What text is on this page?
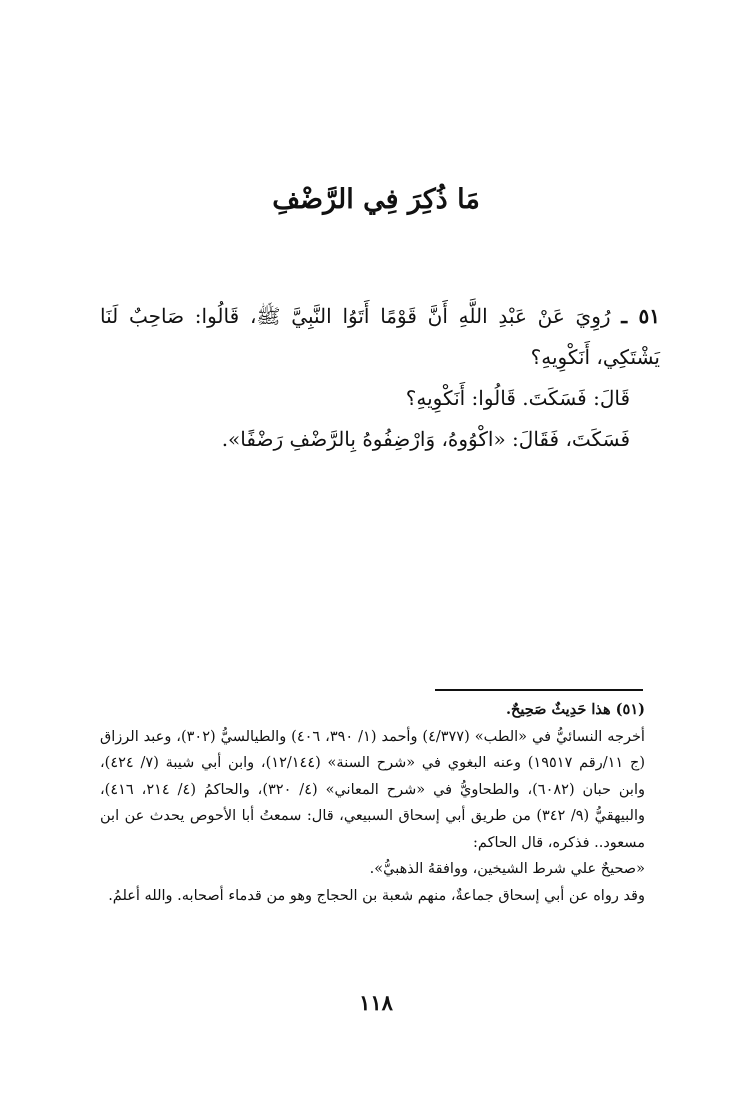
مَا ذُكِرَ فِي الرَّضْفِ

٥١ ـ رُوِيَ عَنْ عَبْدِ اللَّهِ أَنَّ قَوْمًا أَتَوُا النَّبِيَّ ﷺ، قَالُوا: صَاحِبٌ لَنَا يَشْتَكِي، أَنَكْوِيهِ؟

قَالَ: فَسَكَتَ. قَالُوا: أَنَكْوِيهِ؟

فَسَكَتَ، فَقَالَ: «اكْوُوهُ، وَارْضِفُوهُ بِالرَّضْفِ رَضْفًا».

(٥١) هذا حَدِيثٌ صَحِيحٌ.

أخرجه النسائيُّ في «الطب» (٤/٣٧٧) وأحمد (١/ ٣٩٠، ٤٠٦) والطيالسيُّ (٣٠٢)، وعبد الرزاق (ج ١١/رقم ١٩٥١٧) وعنه البغوي في «شرح السنة» (١٢/١٤٤)، وابن أبي شيبة (٧/ ٤٢٤)، وابن حبان (٦٠٨٢)، والطحاويُّ في «شرح المعاني» (٤/ ٣٢٠)، والحاكمُ (٤/ ٢١٤، ٤١٦)، والبيهقيُّ (٩/ ٣٤٢) من طريق أبي إسحاق السبيعي، قال: سمعتُ أبا الأحوص يحدث عن ابن مسعود.. فذكره، قال الحاكم:

«صحيحٌ علي شرط الشيخين، ووافقهُ الذهبيُّ».

وقد رواه عن أبي إسحاق جماعةٌ، منهم شعبة بن الحجاج وهو من قدماء أصحابه. والله أعلمُ.

١١٨
